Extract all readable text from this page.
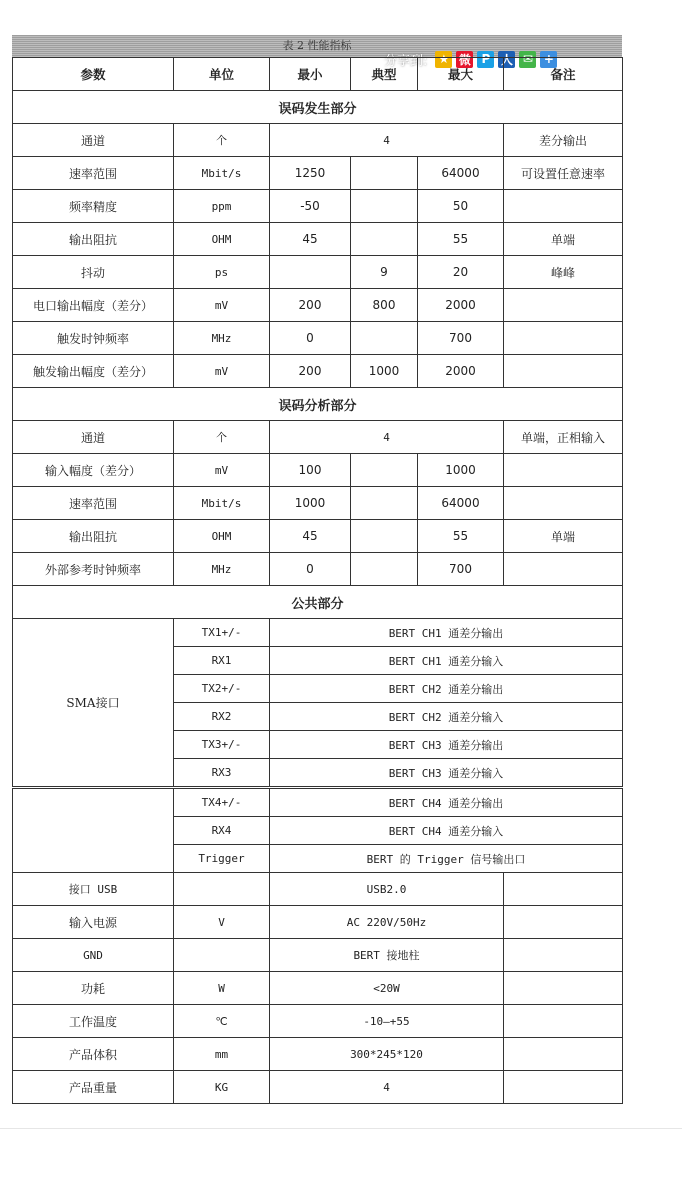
表 2 性能指标
分享到: ★ 微 P 人 ✉ +
参数	单位	最小	典型	最大	备注
误码发生部分					
通道	个	4			差分输出
速率范围	Mbit/s	1250		64000	可设置任意速率
频率精度	ppm	-50		50	
输出阻抗	OHM	45		55	单端
抖动	ps		9	20	峰峰
电口输出幅度（差分）	mV	200	800	2000	
触发时钟频率	MHz	0		700	
触发输出幅度（差分）	mV	200	1000	2000	
误码分析部分					
通道	个	4			单端，正相输入
输入幅度（差分）	mV	100		1000	
速率范围	Mbit/s	1000		64000	
输出阻抗	OHM	45		55	单端
外部参考时钟频率	MHz	0		700	
公共部分					
SMA接口	TX1+/-	BERT CH1 通差分输出			
	RX1	BERT CH1 通差分输入			
	TX2+/-	BERT CH2 通差分输出			
	RX2	BERT CH2 通差分输入			
	TX3+/-	BERT CH3 通差分输出			
	RX3	BERT CH3 通差分输入			
	TX4+/-	BERT CH4 通差分输出			
	RX4	BERT CH4 通差分输入			
	Trigger	BERT 的 Trigger 信号输出口			
接口 USB		USB2.0			
输入电源	V	AC 220V/50Hz			
GND		BERT 接地柱			
功耗	W	<20W			
工作温度	℃	-10—+55			
产品体积	mm	300*245*120			
产品重量	KG	4			
